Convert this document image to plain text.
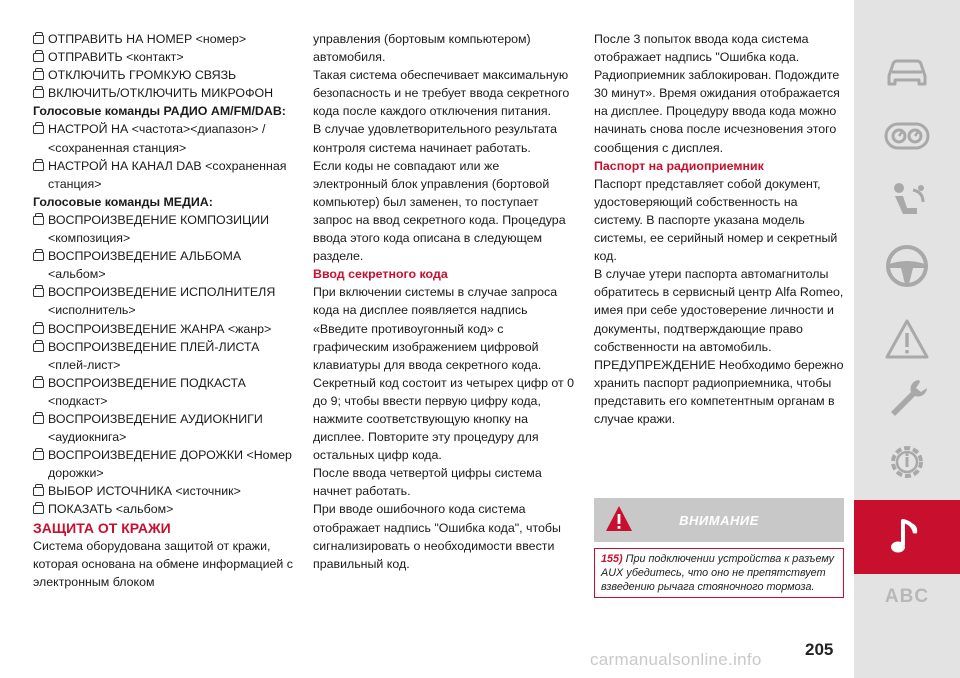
ОТПРАВИТЬ НА НОМЕР <номер>

ОТПРАВИТЬ <контакт>

ОТКЛЮЧИТЬ ГРОМКУЮ СВЯЗЬ

ВКЛЮЧИТЬ/ОТКЛЮЧИТЬ МИКРОФОН

Голосовые команды РАДИО AM/FM/DAB:

НАСТРОЙ НА <частота><диапазон> / <сохраненная станция>

НАСТРОЙ НА КАНАЛ DAB <сохраненная станция>

Голосовые команды МЕДИА:

ВОСПРОИЗВЕДЕНИЕ КОМПОЗИЦИИ <композиция>

ВОСПРОИЗВЕДЕНИЕ АЛЬБОМА <альбом>

ВОСПРОИЗВЕДЕНИЕ ИСПОЛНИТЕЛЯ <исполнитель>

ВОСПРОИЗВЕДЕНИЕ ЖАНРА <жанр>

ВОСПРОИЗВЕДЕНИЕ ПЛЕЙ-ЛИСТА <плей-лист>

ВОСПРОИЗВЕДЕНИЕ ПОДКАСТА <подкаст>

ВОСПРОИЗВЕДЕНИЕ АУДИОКНИГИ <аудиокнига>

ВОСПРОИЗВЕДЕНИЕ ДОРОЖКИ <Номер дорожки>

ВЫБОР ИСТОЧНИКА <источник>

ПОКАЗАТЬ <альбом>

ЗАЩИТА ОТ КРАЖИ

Система оборудована защитой от кражи, которая основана на обмене информацией с электронным блоком

управления (бортовым компьютером) автомобиля.

Такая система обеспечивает максимальную безопасность и не требует ввода секретного кода после каждого отключения питания.

В случае удовлетворительного результата контроля система начинает работать.

Если коды не совпадают или же электронный блок управления (бортовой компьютер) был заменен, то поступает запрос на ввод секретного кода. Процедура ввода этого кода описана в следующем разделе.

Ввод секретного кода

При включении системы в случае запроса кода на дисплее появляется надпись «Введите противоугонный код» с графическим изображением цифровой клавиатуры для ввода секретного кода.

Секретный код состоит из четырех цифр от 0 до 9; чтобы ввести первую цифру кода, нажмите соответствующую кнопку на дисплее. Повторите эту процедуру для остальных цифр кода.

После ввода четвертой цифры система начнет работать.

При вводе ошибочного кода система отображает надпись "Ошибка кода", чтобы сигнализировать о необходимости ввести правильный код.

После 3 попыток ввода кода система отображает надпись "Ошибка кода. Радиоприемник заблокирован. Подождите 30 минут». Время ожидания отображается на дисплее. Процедуру ввода кода можно начинать снова после исчезновения этого сообщения с дисплея.

Паспорт на радиоприемник

Паспорт представляет собой документ, удостоверяющий собственность на систему. В паспорте указана модель системы, ее серийный номер и секретный код.

В случае утери паспорта автомагнитолы обратитесь в сервисный центр Alfa Romeo, имея при себе удостоверение личности и документы, подтверждающие право собственности на автомобиль.

ПРЕДУПРЕЖДЕНИЕ Необходимо бережно хранить паспорт радиоприемника, чтобы представить его компетентным органам в случае кражи.

ВНИМАНИЕ
155) При подключении устройства к разъему AUX убедитесь, что оно не препятствует взведению рычага стояночного тормоза.	ABC
205
carmanualsonline.info
